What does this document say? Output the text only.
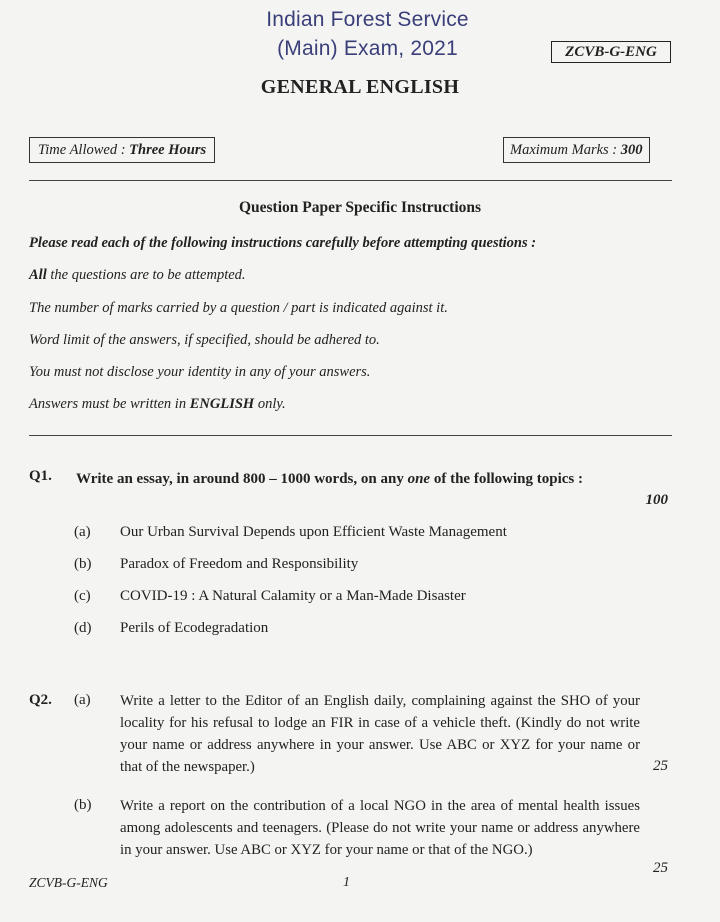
Indian Forest Service
(Main) Exam, 2021	ZCVB-G-ENG
GENERAL ENGLISH
Time Allowed : Three Hours	Maximum Marks : 300
Question Paper Specific Instructions
Please read each of the following instructions carefully before attempting questions :
All the questions are to be attempted.
The number of marks carried by a question / part is indicated against it.
Word limit of the answers, if specified, should be adhered to.
You must not disclose your identity in any of your answers.
Answers must be written in ENGLISH only.
Q1. Write an essay, in around 800 – 1000 words, on any one of the following topics :
100
(a) Our Urban Survival Depends upon Efficient Waste Management
(b) Paradox of Freedom and Responsibility
(c) COVID-19 : A Natural Calamity or a Man-Made Disaster
(d) Perils of Ecodegradation
Q2. (a) Write a letter to the Editor of an English daily, complaining against the SHO of your locality for his refusal to lodge an FIR in case of a vehicle theft. (Kindly do not write your name or address anywhere in your answer. Use ABC or XYZ for your name or that of the newspaper.)	25
(b) Write a report on the contribution of a local NGO in the area of mental health issues among adolescents and teenagers. (Please do not write your name or address anywhere in your answer. Use ABC or XYZ for your name or that of the NGO.)
25
ZCVB-G-ENG	1
